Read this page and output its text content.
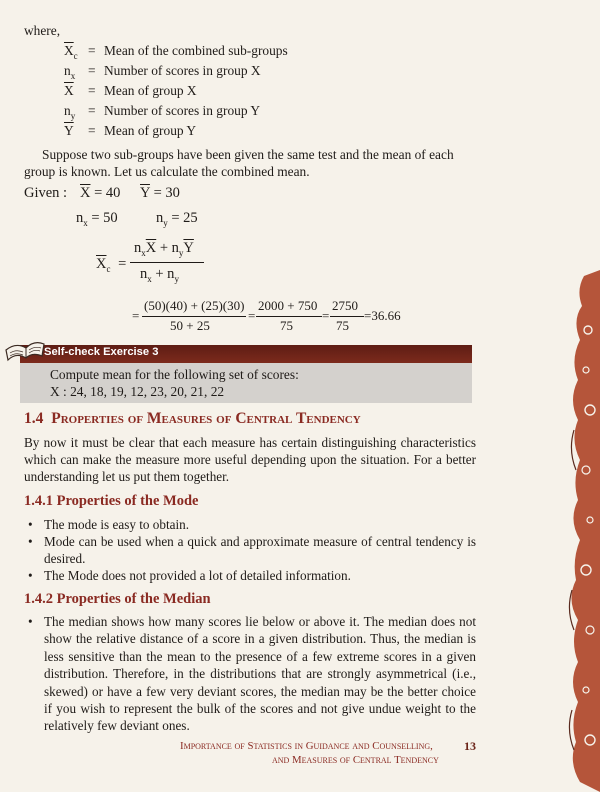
where,
$\overline{X}_c$ = Mean of the combined sub-groups
$n_x$ = Number of scores in group X
$\overline{X}$ = Mean of group X
$n_y$ = Number of scores in group Y
$\overline{Y}$ = Mean of group Y
Suppose two sub-groups have been given the same test and the mean of each
group is known. Let us calculate the combined mean.
Given : $\overline{X} = 40$ $\overline{Y} = 30$
$n_x = 50$	$n_y = 25$
$\overline{X}_c$ =
$n_x\overline{X} + n_y\overline{Y}$
$n_x + n_y$
=
(50)(40) + (25)(30)
50 + 25
=
2000 + 750
75
=
2750
75
=36.66
Self-check Exercise 3
Compute mean for the following set of scores:
X : 24, 18, 19, 12, 23, 20, 21, 22
1.4 Properties of Measures of Central Tendency
By now it must be clear that each measure has certain distinguishing characteristics which can make the measure more useful depending upon the situation. For a better understanding let us put them together.
1.4.1 Properties of the Mode
• The mode is easy to obtain.
• Mode can be used when a quick and approximate measure of central tendency is desired.
• The Mode does not provided a lot of detailed information.
1.4.2 Properties of the Median
• The median shows how many scores lie below or above it. The median does not show the relative distance of a score in a given distribution. Thus, the median is less sensitive than the mean to the presence of a few extreme scores in a given distribution. Therefore, in the distributions that are strongly asymmetrical (i.e., skewed) or have a few very deviant scores, the median may be the better choice if you wish to represent the bulk of the scores and not give undue weight to the relatively few deviant ones.
Importance of Statistics in Guidance and Counselling,
and Measures of Central Tendency
13
